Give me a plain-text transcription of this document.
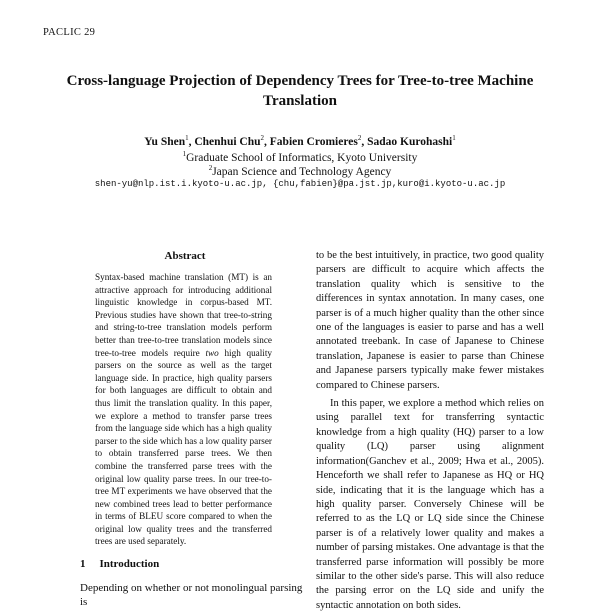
PACLIC 29
Cross-language Projection of Dependency Trees for Tree-to-tree Machine
Translation
Yu Shen$^1$, Chenhui Chu$^2$, Fabien Cromieres$^2$, Sadao Kurohashi$^1$
$^1$Graduate School of Informatics, Kyoto University
$^2$Japan Science and Technology Agency
shen-yu@nlp.ist.i.kyoto-u.ac.jp, {chu,fabien}@pa.jst.jp,kuro@i.kyoto-u.ac.jp
Abstract

Syntax-based machine translation (MT) is an attractive approach for introducing additional linguistic knowledge in corpus-based MT. Previous studies have shown that tree-to-string and string-to-tree translation models perform better than tree-to-tree translation models since tree-to-tree models require two high quality parsers on the source as well as the target language side. In practice, high quality parsers for both languages are difficult to obtain and thus limit the translation quality. In this paper, we explore a method to transfer parse trees from the language side which has a high quality parser to the side which has a low quality parser to obtain transferred parse trees. We then combine the transferred parse trees with the original low quality parse trees. In our tree-to-tree MT experiments we have observed that the new combined trees lead to better performance in terms of BLEU score compared to when the original low quality trees and the transferred trees are used separately.

1 Introduction
Depending on whether or not monolingual parsing is

to be the best intuitively, in practice, two good quality parsers are difficult to acquire which affects the translation quality which is sensitive to the differences in syntax annotation. In many cases, one parser is of a much higher quality than the other since one of the languages is easier to parse and has a well annotated treebank. In case of Japanese to Chinese translation, Japanese is easier to parse than Chinese and Japanese parsers typically make fewer mistakes compared to Chinese parsers.

In this paper, we explore a method which relies on using parallel text for transferring syntactic knowledge from a high quality (HQ) parser to a low quality (LQ) parser using alignment information(Ganchev et al., 2009; Hwa et al., 2005). Henceforth we shall refer to Japanese as HQ or HQ side, indicating that it is the language which has a high quality parser. Conversely Chinese will be referred to as the LQ or LQ side since the Chinese parser is of a relatively lower quality and makes a number of parsing mistakes. One advantage is that the transferred parse information will possibly be more similar to the other side's parse. This will also reduce the parsing error on the LQ side and unify the syntactic annotation on both sides.
